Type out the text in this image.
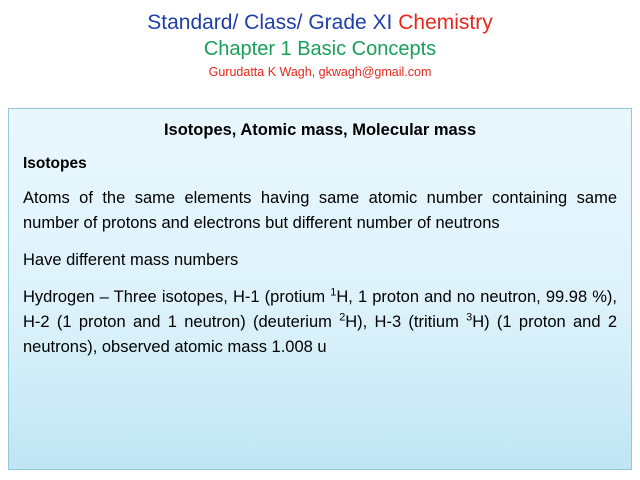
Standard/ Class/ Grade XI Chemistry
Chapter 1 Basic Concepts
Gurudatta K Wagh, gkwagh@gmail.com
Isotopes, Atomic mass, Molecular mass
Isotopes
Atoms of the same elements having same atomic number containing same number of protons and electrons but different number of neutrons
Have different mass numbers
Hydrogen – Three isotopes, H-1 (protium $^1$H, 1 proton and no neutron, 99.98 %), H-2 (1 proton and 1 neutron) (deuterium $^2$H), H-3 (tritium $^3$H) (1 proton and 2 neutrons), observed atomic mass 1.008 u
